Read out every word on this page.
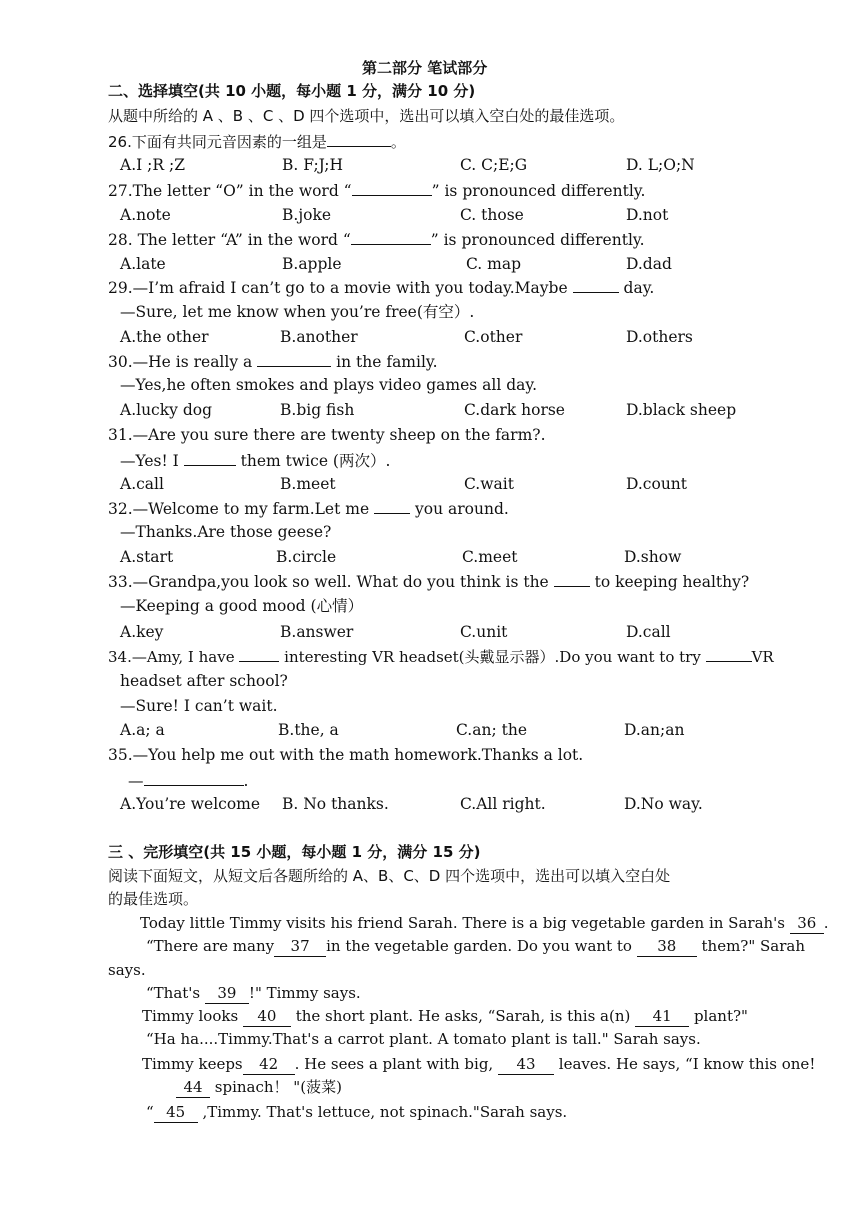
第二部分 笔试部分
二、选择填空(共 10 小题，每小题 1 分，满分 10 分)
从题中所给的 A 、B 、C 、D 四个选项中，选出可以填入空白处的最佳选项。
26.下面有共同元音因素的一组是	。
A.I ;R ;Z	B. F;J;H	C. C;E;G	D. L;O;N
27.The letter “O” in the word “	” is pronounced differently.
A.note	B.joke	C. those	D.not
28. The letter “A” in the word “	” is pronounced differently.
A.late	B.apple	C. map	D.dad
29.—I’m afraid I can’t go to a movie with you today.Maybe	day.
—Sure, let me know when you’re free(有空）.
A.the other	B.another	C.other	D.others
30.—He is really a	in the family.
—Yes,he often smokes and plays video games all day.
A.lucky dog	B.big fish	C.dark horse	D.black sheep
31.—Are you sure there are twenty sheep on the farm?.
—Yes! I	them twice (两次）.
A.call	B.meet	C.wait	D.count
32.—Welcome to my farm.Let me	you around.
—Thanks.Are those geese?
A.start	B.circle	C.meet	D.show
33.—Grandpa,you look so well. What do you think is the	to keeping healthy?
—Keeping a good mood (心情）
A.key	B.answer	C.unit	D.call
34.—Amy, I have	interesting VR headset(头戴显示器）.Do you want to try	VR
headset after school?
—Sure! I can’t wait.
A.a; a	B.the, a	C.an; the	D.an;an
35.—You help me out with the math homework.Thanks a lot.
—	.
A.You’re welcome B. No thanks.	C.All right.	D.No way.
三 、完形填空(共 15 小题，每小题 1 分，满分 15 分)
阅读下面短文，从短文后各题所给的 A、B、C、D 四个选项中，选出可以填入空白处
的最佳选项。
Today little Timmy visits his friend Sarah. There is a big vegetable garden in Sarah's 36 .
“There are many 37 in the vegetable garden. Do you want to 38 them?" Sarah
says.
“That's 39 !" Timmy says.
Timmy looks 40 the short plant. He asks, “Sarah, is this a(n) 41 plant?"
“Ha ha....Timmy.That's a carrot plant. A tomato plant is tall." Sarah says.
Timmy keeps 42 . He sees a plant with big, 43 leaves. He says, “I know this one!
44 spinach！ "(菠菜)
“ 45 ,Timmy. That's lettuce, not spinach."Sarah says.
